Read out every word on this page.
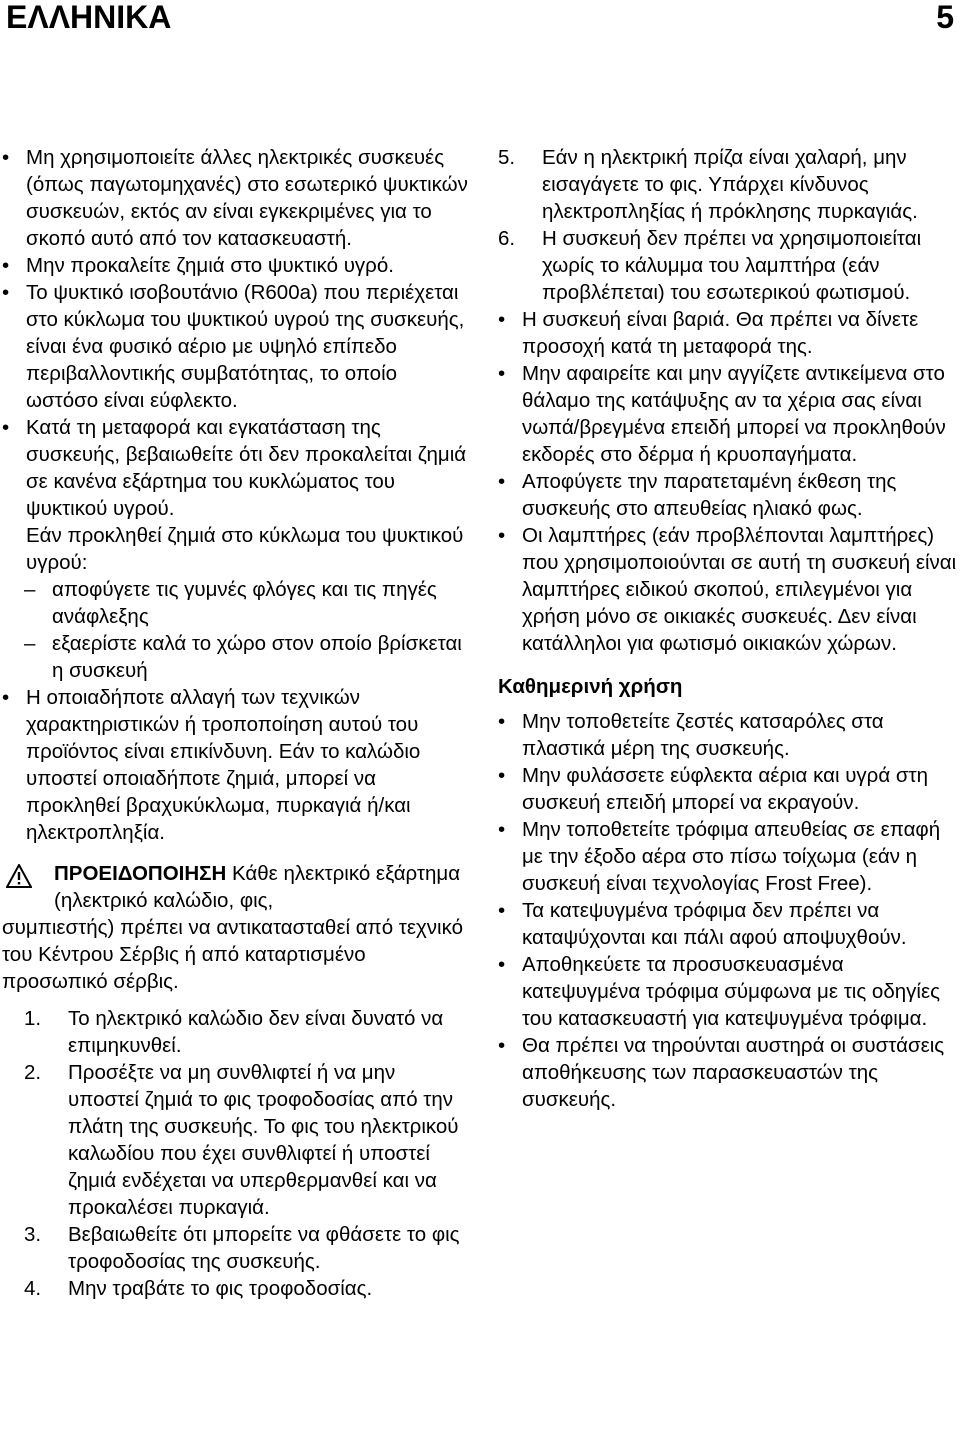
ΕΛΛΗΝΙΚΑ	5

• Μη χρησιμοποιείτε άλλες ηλεκτρικές συσκευές (όπως παγωτομηχανές) στο εσωτερικό ψυκτικών συσκευών, εκτός αν είναι εγκεκριμένες για το σκοπό αυτό από τον κατασκευαστή.

• Μην προκαλείτε ζημιά στο ψυκτικό υγρό.

• Το ψυκτικό ισοβουτάνιο (R600a) που περιέχεται στο κύκλωμα του ψυκτικού υγρού της συσκευής, είναι ένα φυσικό αέριο με υψηλό επίπεδο περιβαλλοντικής συμβατότητας, το οποίο ωστόσο είναι εύφλεκτο.

• Κατά τη μεταφορά και εγκατάσταση της συσκευής, βεβαιωθείτε ότι δεν προκαλείται ζημιά σε κανένα εξάρτημα του κυκλώματος του ψυκτικού υγρού.

Εάν προκληθεί ζημιά στο κύκλωμα του ψυκτικού υγρού:

– αποφύγετε τις γυμνές φλόγες και τις πηγές ανάφλεξης

– εξαερίστε καλά το χώρο στον οποίο βρίσκεται η συσκευή

• Η οποιαδήποτε αλλαγή των τεχνικών χαρακτηριστικών ή τροποποίηση αυτού του προϊόντος είναι επικίνδυνη. Εάν το καλώδιο υποστεί οποιαδήποτε ζημιά, μπορεί να προκληθεί βραχυκύκλωμα, πυρκαγιά ή/και ηλεκτροπληξία.

ΠΡΟΕΙΔΟΠΟΙΗΣΗ Κάθε ηλεκτρικό εξάρτημα (ηλεκτρικό καλώδιο, φις,
συμπιεστής) πρέπει να αντικατασταθεί από τεχνικό του Κέντρου Σέρβις ή από καταρτισμένο προσωπικό σέρβις.
1. Το ηλεκτρικό καλώδιο δεν είναι δυνατό να επιμηκυνθεί.
2. Προσέξτε να μη συνθλιφτεί ή να μην υποστεί ζημιά το φις τροφοδοσίας από την πλάτη της συσκευής. Το φις του ηλεκτρικού καλωδίου που έχει συνθλιφτεί ή υποστεί ζημιά ενδέχεται να υπερθερμανθεί και να προκαλέσει πυρκαγιά.
3. Βεβαιωθείτε ότι μπορείτε να φθάσετε το φις τροφοδοσίας της συσκευής.
4. Μην τραβάτε το φις τροφοδοσίας.
5. Εάν η ηλεκτρική πρίζα είναι χαλαρή, μην εισαγάγετε το φις. Υπάρχει κίνδυνος ηλεκτροπληξίας ή πρόκλησης πυρκαγιάς.
6. Η συσκευή δεν πρέπει να χρησιμοποιείται χωρίς το κάλυμμα του λαμπτήρα (εάν προβλέπεται) του εσωτερικού φωτισμού.

• Η συσκευή είναι βαριά. Θα πρέπει να δίνετε προσοχή κατά τη μεταφορά της.

• Μην αφαιρείτε και μην αγγίζετε αντικείμενα στο θάλαμο της κατάψυξης αν τα χέρια σας είναι νωπά/βρεγμένα επειδή μπορεί να προκληθούν εκδορές στο δέρμα ή κρυοπαγήματα.

• Αποφύγετε την παρατεταμένη έκθεση της συσκευής στο απευθείας ηλιακό φως.

• Οι λαμπτήρες (εάν προβλέπονται λαμπτήρες) που χρησιμοποιούνται σε αυτή τη συσκευή είναι λαμπτήρες ειδικού σκοπού, επιλεγμένοι για χρήση μόνο σε οικιακές συσκευές. Δεν είναι κατάλληλοι για φωτισμό οικιακών χώρων.

Καθημερινή χρήση

• Μην τοποθετείτε ζεστές κατσαρόλες στα πλαστικά μέρη της συσκευής.

• Μην φυλάσσετε εύφλεκτα αέρια και υγρά στη συσκευή επειδή μπορεί να εκραγούν.

• Μην τοποθετείτε τρόφιμα απευθείας σε επαφή με την έξοδο αέρα στο πίσω τοίχωμα (εάν η συσκευή είναι τεχνολογίας Frost Free).

• Τα κατεψυγμένα τρόφιμα δεν πρέπει να καταψύχονται και πάλι αφού αποψυχθούν.

• Αποθηκεύετε τα προσυσκευασμένα κατεψυγμένα τρόφιμα σύμφωνα με τις οδηγίες του κατασκευαστή για κατεψυγμένα τρόφιμα.

• Θα πρέπει να τηρούνται αυστηρά οι συστάσεις αποθήκευσης των παρασκευαστών της συσκευής.
